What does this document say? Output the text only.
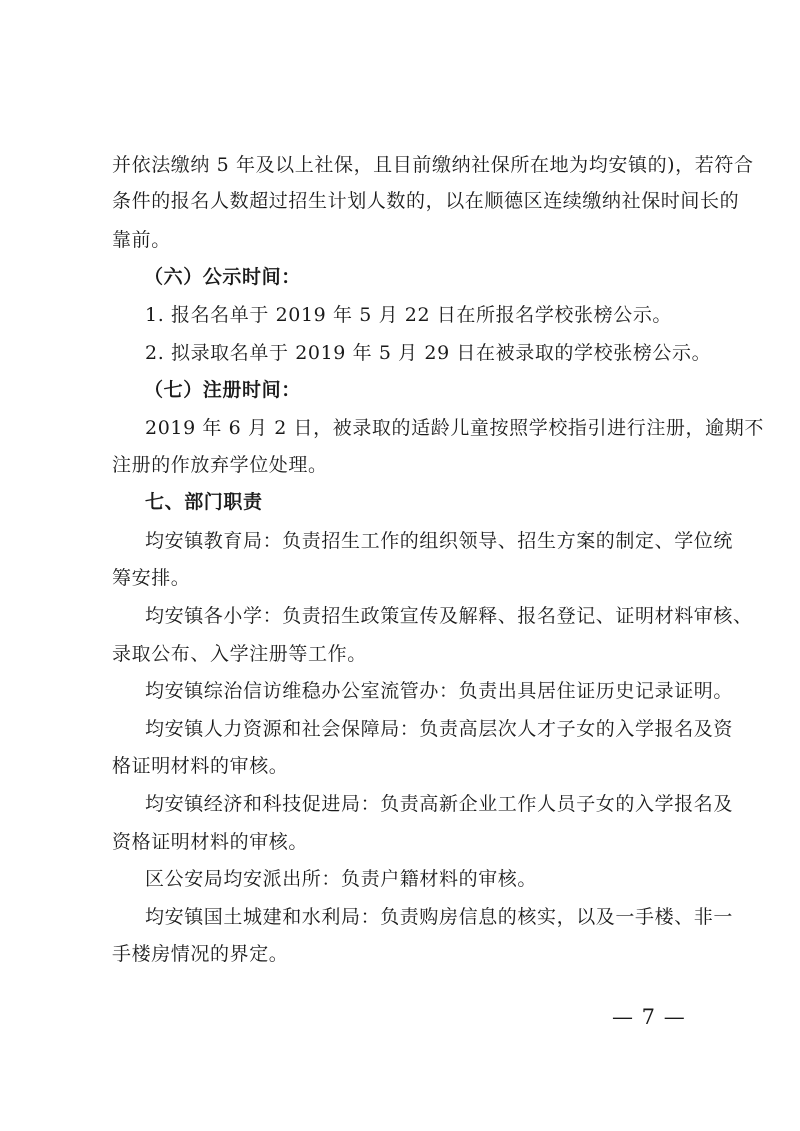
并依法缴纳 5 年及以上社保，且目前缴纳社保所在地为均安镇的)，若符合
条件的报名人数超过招生计划人数的，以在顺德区连续缴纳社保时间长的
靠前。
（六）公示时间：
1. 报名名单于 2019 年 5 月 22 日在所报名学校张榜公示。
2. 拟录取名单于 2019 年 5 月 29 日在被录取的学校张榜公示。
（七）注册时间：
2019 年 6 月 2 日，被录取的适龄儿童按照学校指引进行注册，逾期不
注册的作放弃学位处理。
七、部门职责
均安镇教育局：负责招生工作的组织领导、招生方案的制定、学位统
筹安排。
均安镇各小学：负责招生政策宣传及解释、报名登记、证明材料审核、
录取公布、入学注册等工作。
均安镇综治信访维稳办公室流管办：负责出具居住证历史记录证明。
均安镇人力资源和社会保障局：负责高层次人才子女的入学报名及资
格证明材料的审核。
均安镇经济和科技促进局：负责高新企业工作人员子女的入学报名及
资格证明材料的审核。
区公安局均安派出所：负责户籍材料的审核。
均安镇国土城建和水利局：负责购房信息的核实，以及一手楼、非一
手楼房情况的界定。
— 7 —
